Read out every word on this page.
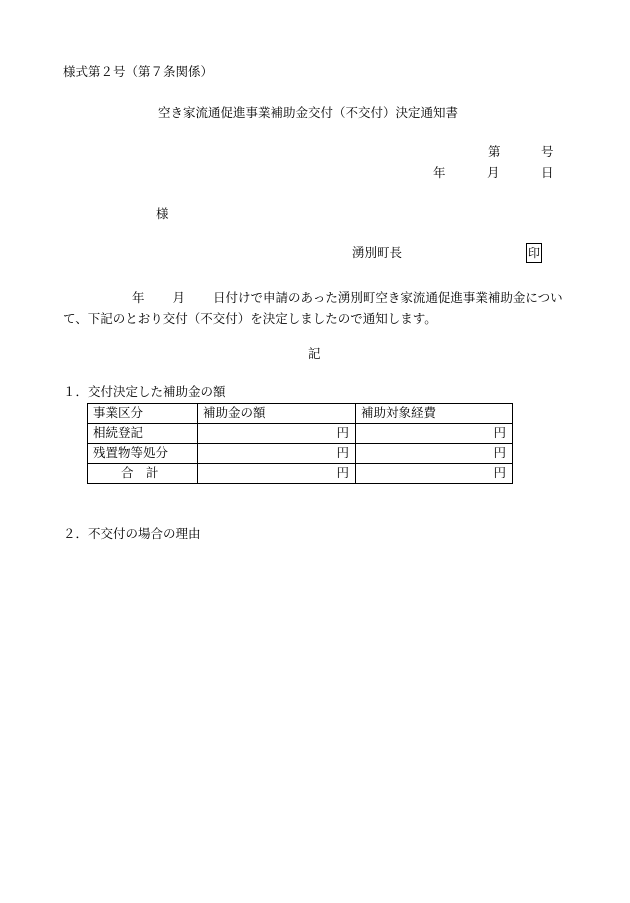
様式第２号（第７条関係）
空き家流通促進事業補助金交付（不交付）決定通知書
第	号
年	月	日
様
湧別町長	印
年 月 日付けで申請のあった湧別町空き家流通促進事業補助金について、下記のとおり交付（不交付）を決定しましたので通知します。
記
１．交付決定した補助金の額
事業区分	補助金の額	補助対象経費
相続登記	円	円
残置物等処分	円	円
合　計	円	円
２．不交付の場合の理由
